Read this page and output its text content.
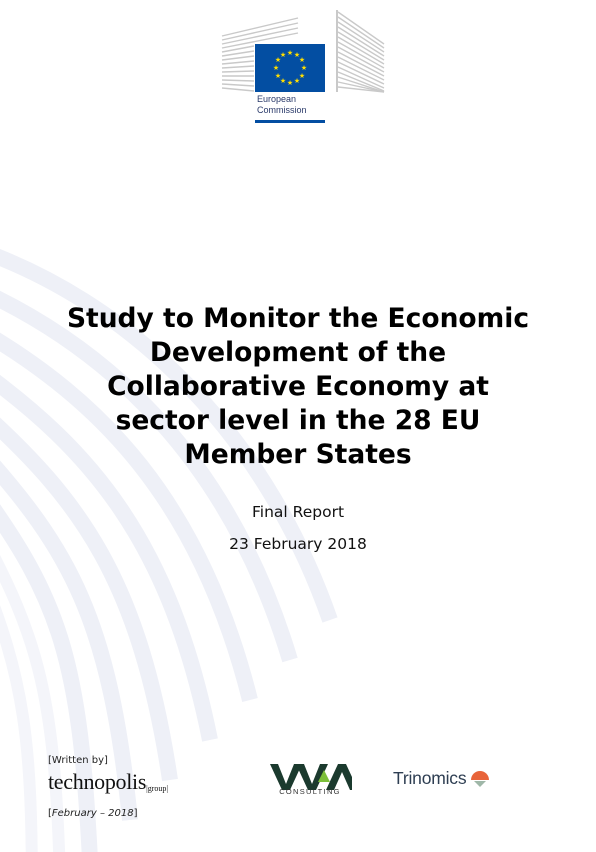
★ ★
★
★
★
★
★
★
★
★
★
★
European
Commission
Study to Monitor the Economic
Development of the
Collaborative Economy at
sector level in the 28 EU
Member States
Final Report
23 February 2018
[Written by]
technopolis|group|
[February – 2018]
CONSULTING
Trinomics
